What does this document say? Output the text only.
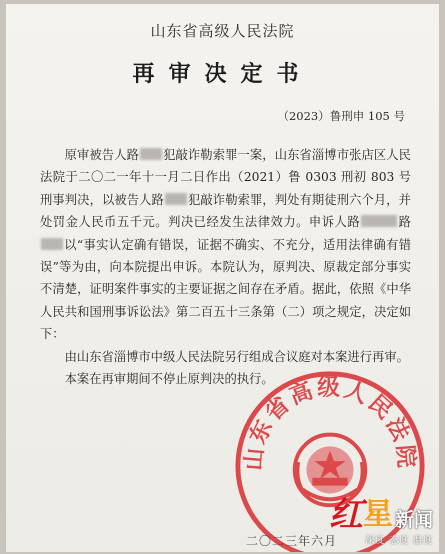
山东省高级人民法院
再审决定书
（2023）鲁刑申 105 号

原审被告人路 犯敲诈勒索罪一案，山东省淄博市张店区人民法院于二〇二一年十一月二日作出（2021）鲁 0303 刑初 803 号刑事判决，以被告人路 犯敲诈勒索罪，判处有期徒刑六个月，并处罚金人民币五千元。判决已经发生法律效力。申诉人路	路以“事实认定确有错误，证据不确实、不充分，适用法律确有错误”等为由，向本院提出申诉。本院认为，原判决、原裁定部分事实不清楚，证明案件事实的主要证据之间存在矛盾。据此，依照《中华人民共和国刑事诉讼法》第二百五十三条第（二）项之规定，决定如下：

由山东省淄博市中级人民法院另行组成合议庭对本案进行再审。

本案在再审期间不停止原判决的执行。

山东省高级人民法院
二〇二三年六月
红 星 新闻
深度 态度 温度
